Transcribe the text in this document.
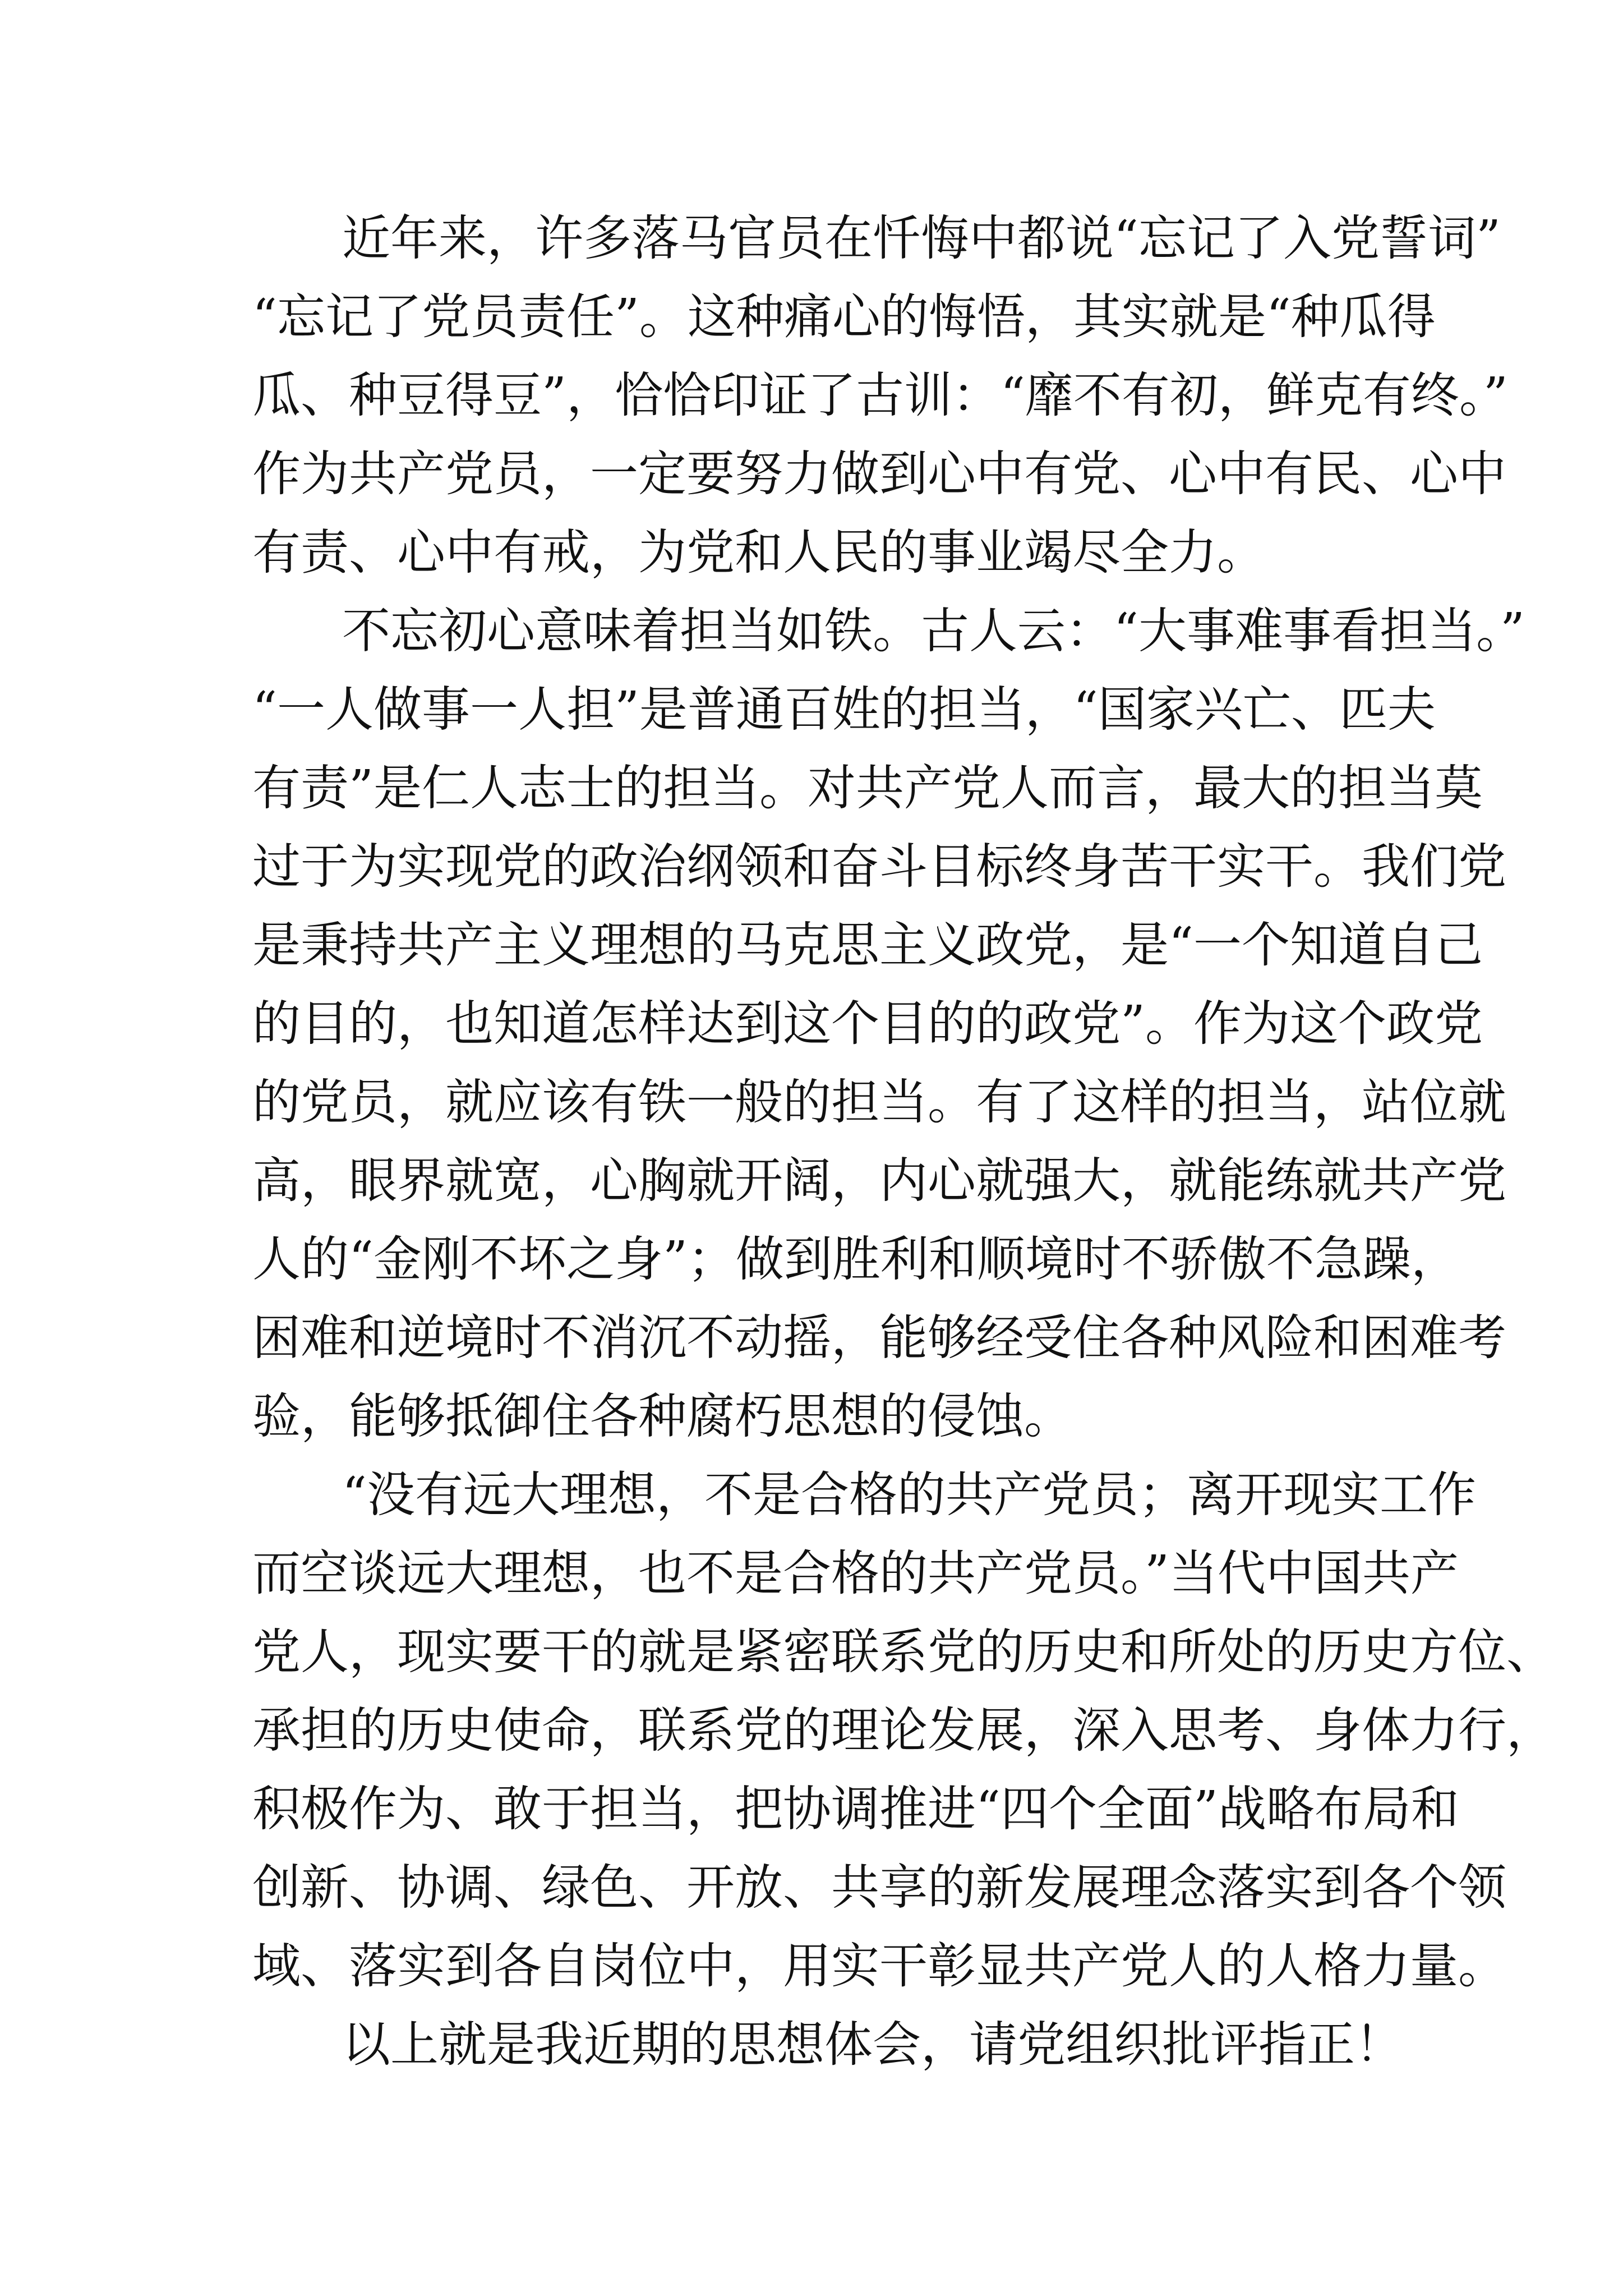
近年来，许多落马官员在忏悔中都说“忘记了入党誓词”
“忘记了党员责任”。这种痛心的悔悟，其实就是“种瓜得
瓜、种豆得豆”，恰恰印证了古训：“靡不有初，鲜克有终。”
作为共产党员，一定要努力做到心中有党、心中有民、心中
有责、心中有戒，为党和人民的事业竭尽全力。
不忘初心意味着担当如铁。古人云：“大事难事看担当。”
“一人做事一人担”是普通百姓的担当，“国家兴亡、匹夫
有责”是仁人志士的担当。对共产党人而言，最大的担当莫
过于为实现党的政治纲领和奋斗目标终身苦干实干。我们党
是秉持共产主义理想的马克思主义政党，是“一个知道自己
的目的，也知道怎样达到这个目的的政党”。作为这个政党
的党员，就应该有铁一般的担当。有了这样的担当，站位就
高，眼界就宽，心胸就开阔，内心就强大，就能练就共产党
人的“金刚不坏之身”；做到胜利和顺境时不骄傲不急躁，
困难和逆境时不消沉不动摇，能够经受住各种风险和困难考
验，能够抵御住各种腐朽思想的侵蚀。
“没有远大理想，不是合格的共产党员；离开现实工作
而空谈远大理想，也不是合格的共产党员。”当代中国共产
党人，现实要干的就是紧密联系党的历史和所处的历史方位、
承担的历史使命，联系党的理论发展，深入思考、身体力行，
积极作为、敢于担当，把协调推进“四个全面”战略布局和
创新、协调、绿色、开放、共享的新发展理念落实到各个领
域、落实到各自岗位中，用实干彰显共产党人的人格力量。
以上就是我近期的思想体会，请党组织批评指正！
